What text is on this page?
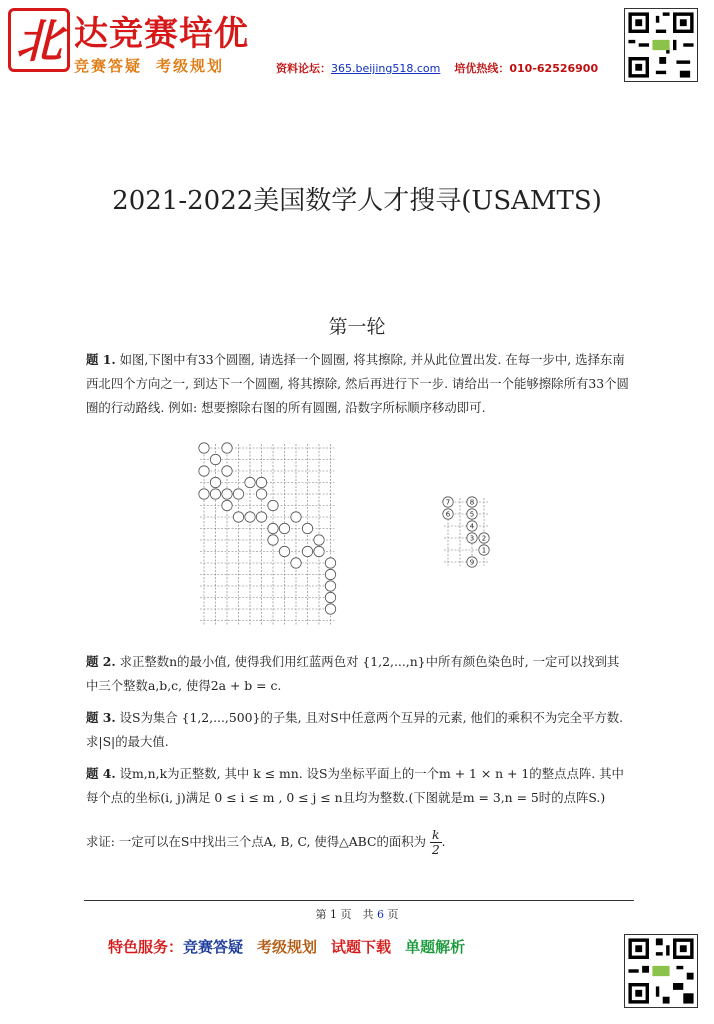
北 达竞赛培优
竞赛答疑 考级规划	资料论坛：365.beijing518.com 培优热线：010-62526900
2021-2022美国数学人才搜寻(USAMTS)
第一轮
题 1. 如图,下图中有33个圆圈, 请选择一个圆圈, 将其擦除, 并从此位置出发. 在每一步中, 选择东南西北四个方向之一, 到达下一个圆圈, 将其擦除, 然后再进行下一步. 请给出一个能够擦除所有33个圆圈的行动路线. 例如: 想要擦除右图的所有圆圈, 沿数字所标顺序移动即可.
7	8
6	5
4
3 2
1
9
题 2. 求正整数n的最小值, 使得我们用红蓝两色对 {1,2,...,n}中所有颜色染色时, 一定可以找到其中三个整数a,b,c, 使得2a + b = c.
题 3. 设S为集合 {1,2,...,500}的子集, 且对S中任意两个互异的元素, 他们的乘积不为完全平方数. 求|S|的最大值.
题 4. 设m,n,k为正整数, 其中 k ≤ mn. 设S为坐标平面上的一个m + 1 × n + 1的整点点阵. 其中每个点的坐标(i, j)满足 0 ≤ i ≤ m , 0 ≤ j ≤ n且均为整数.(下图就是m = 3,n = 5时的点阵S.)
求证: 一定可以在S中找出三个点A, B, C, 使得△ABC的面积为 $\frac{k}{2}$ .
第 1 页　共 6 页
特色服务：竞赛答疑 考级规划 试题下载 单题解析
